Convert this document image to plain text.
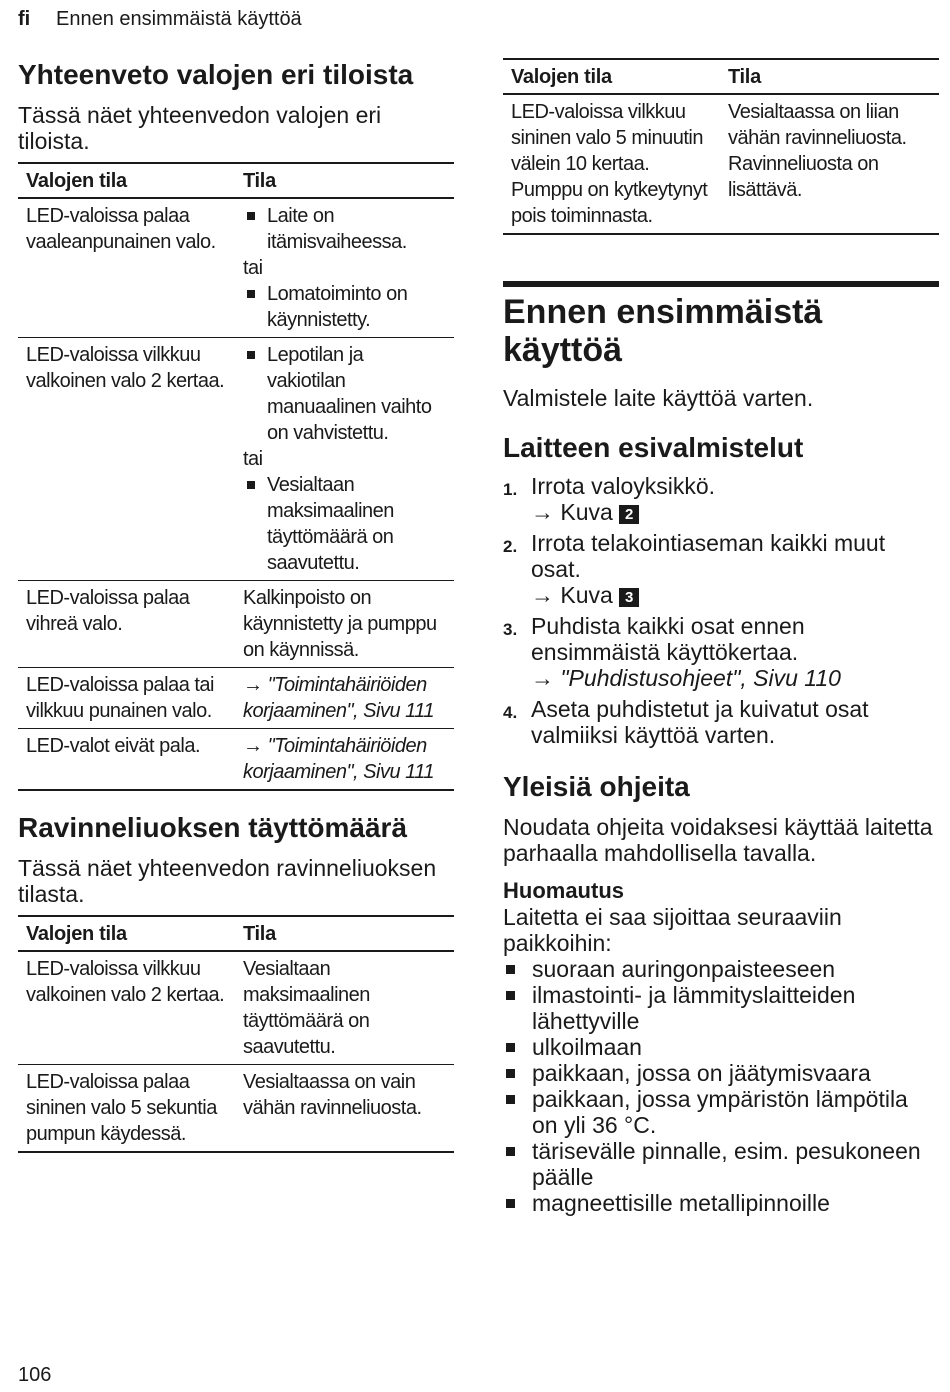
fi Ennen ensimmäistä käyttöä
Yhteenveto valojen eri tiloista

Tässä näet yhteenvedon valojen eri tiloista.

Valojen tila	Tila
LED-valoissa palaa vaaleanpunainen valo.	Laite on itämisvaiheessa.
tai
Lomatoiminto on käynnistetty.

LED-valoissa vilkkuu valkoinen valo 2 kertaa.	Lepotilan ja vakiotilan manuaalinen vaihto on vahvistettu.
tai
Vesialtaan maksimaalinen täyttömäärä on saavutettu.

LED-valoissa palaa vihreä valo.	Kalkinpoisto on käynnistetty ja pumppu on käynnissä.
LED-valoissa palaa tai vilkkuu punainen valo.	→ "Toimintahäiriöiden korjaaminen", Sivu 111
LED-valot eivät pala.	→ "Toimintahäiriöiden korjaaminen", Sivu 111
Ravinneliuoksen täyttömäärä

Tässä näet yhteenvedon ravinneliuoksen tilasta.

Valojen tila	Tila
LED-valoissa vilkkuu valkoinen valo 2 kertaa.	Vesialtaan maksimaalinen täyttömäärä on saavutettu.
LED-valoissa palaa sininen valo 5 sekuntia pumpun käydessä.	Vesialtaassa on vain vähän ravinneliuosta.
Valojen tila	Tila
LED-valoissa vilkkuu sininen valo 5 minuutin välein 10 kertaa. Pumppu on kytkeytynyt pois toiminnasta.	Vesialtaassa on liian vähän ravinneliuosta. Ravinneliuosta on lisättävä.
Ennen ensimmäistä käyttöä

Valmistele laite käyttöä varten.

Laitteen esivalmistelut
1. Irrota valoyksikkö.
→ Kuva 2
2. Irrota telakointiaseman kaikki muut osat.
→ Kuva 3
3. Puhdista kaikki osat ennen ensimmäistä käyttökertaa.
→ "Puhdistusohjeet", Sivu 110
4. Aseta puhdistetut ja kuivatut osat valmiiksi käyttöä varten.
Yleisiä ohjeita

Noudata ohjeita voidaksesi käyttää laitetta parhaalla mahdollisella tavalla.

Huomautus

Laitetta ei saa sijoittaa seuraaviin paikkoihin:

suoraan auringonpaisteeseen
ilmastointi- ja lämmityslaitteiden lähettyville
ulkoilmaan
paikkaan, jossa on jäätymisvaara
paikkaan, jossa ympäristön lämpötila on yli 36 °C.
tärisevälle pinnalle, esim. pesukoneen päälle
magneettisille metallipinnoille
106
